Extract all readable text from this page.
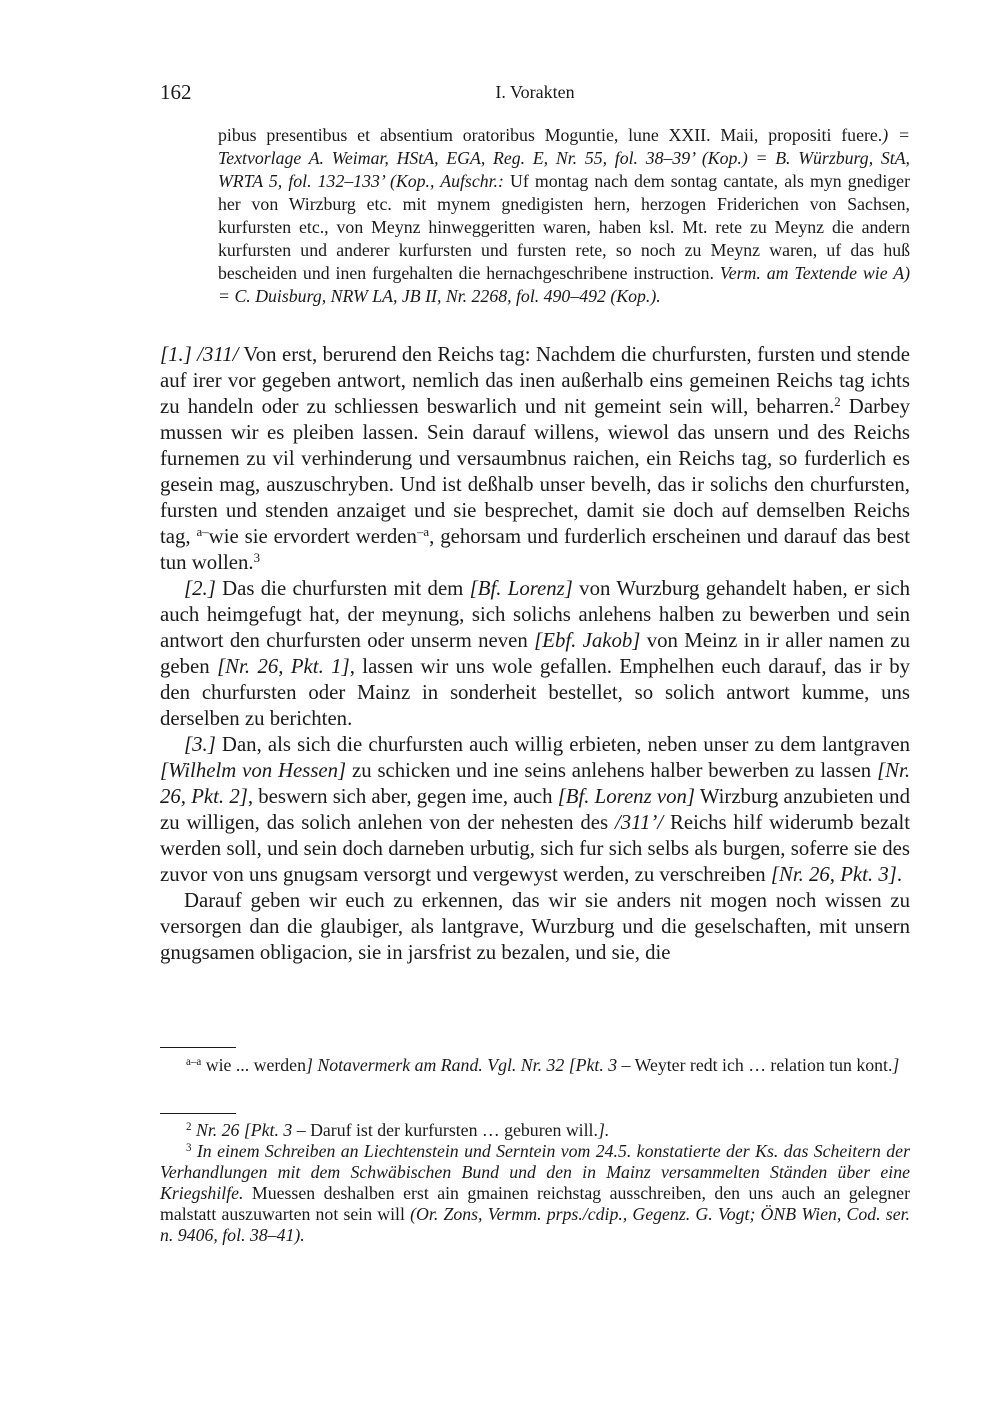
162	I. Vorakten
pibus presentibus et absentium oratoribus Moguntie, lune XXII. Maii, propositi fuere.) = Textvorlage A. Weimar, HStA, EGA, Reg. E, Nr. 55, fol. 38–39’ (Kop.) = B. Würzburg, StA, WRTA 5, fol. 132–133’ (Kop., Aufschr.: Uf montag nach dem sontag cantate, als myn gnediger her von Wirzburg etc. mit mynem gnedigisten hern, herzogen Friderichen von Sachsen, kurfursten etc., von Meynz hinweggeritten waren, haben ksl. Mt. rete zu Meynz die andern kurfursten und anderer kurfursten und fursten rete, so noch zu Meynz waren, uf das huß bescheiden und inen furgehalten die hernachgeschribene instruction. Verm. am Textende wie A) = C. Duisburg, NRW LA, JB II, Nr. 2268, fol. 490–492 (Kop.).

[1.] /311/ Von erst, berurend den Reichs tag: Nachdem die churfursten, fursten und stende auf irer vor gegeben antwort, nemlich das inen außerhalb eins gemeinen Reichs tag ichts zu handeln oder zu schliessen beswarlich und nit gemeint sein will, beharren.$^2$ Darbey mussen wir es pleiben lassen. Sein darauf willens, wiewol das unsern und des Reichs furnemen zu vil verhinderung und versaumbnus raichen, ein Reichs tag, so furderlich es gesein mag, auszuschryben. Und ist deßhalb unser bevelh, das ir solichs den churfursten, fursten und stenden anzaiget und sie besprechet, damit sie doch auf demselben Reichs tag, $^{a-}$wie sie ervordert werden$^{-a}$, gehorsam und furderlich erscheinen und darauf das best tun wollen.$^3$

[2.] Das die churfursten mit dem [Bf. Lorenz] von Wurzburg gehandelt haben, er sich auch heimgefugt hat, der meynung, sich solichs anlehens halben zu bewerben und sein antwort den churfursten oder unserm neven [Ebf. Jakob] von Meinz in ir aller namen zu geben [Nr. 26, Pkt. 1], lassen wir uns wole gefallen. Emphelhen euch darauf, das ir by den churfursten oder Mainz in sonderheit bestellet, so solich antwort kumme, uns derselben zu berichten.

[3.] Dan, als sich die churfursten auch willig erbieten, neben unser zu dem lantgraven [Wilhelm von Hessen] zu schicken und ine seins anlehens halber bewerben zu lassen [Nr. 26, Pkt. 2], beswern sich aber, gegen ime, auch [Bf. Lorenz von] Wirzburg anzubieten und zu willigen, das solich anlehen von der nehesten des /311’/ Reichs hilf widerumb bezalt werden soll, und sein doch darneben urbutig, sich fur sich selbs als burgen, soferre sie des zuvor von uns gnugsam versorgt und vergewyst werden, zu verschreiben [Nr. 26, Pkt. 3].

Darauf geben wir euch zu erkennen, das wir sie anders nit mogen noch wissen zu versorgen dan die glaubiger, als lantgrave, Wurzburg und die geselschaften, mit unsern gnugsamen obligacion, sie in jarsfrist zu bezalen, und sie, die

$^{a-a}$ wie ... werden] Notavermerk am Rand. Vgl. Nr. 32 [Pkt. 3 – Weyter redt ich … relation tun kont.]

$^2$ Nr. 26 [Pkt. 3 – Daruf ist der kurfursten … geburen will.].

$^3$ In einem Schreiben an Liechtenstein und Serntein vom 24.5. konstatierte der Ks. das Scheitern der Verhandlungen mit dem Schwäbischen Bund und den in Mainz versammelten Ständen über eine Kriegshilfe. Muessen deshalben erst ain gmainen reichstag ausschreiben, den uns auch an gelegner malstatt auszuwarten not sein will (Or. Zons, Vermm. prps./cdip., Gegenz. G. Vogt; ÖNB Wien, Cod. ser. n. 9406, fol. 38–41).
